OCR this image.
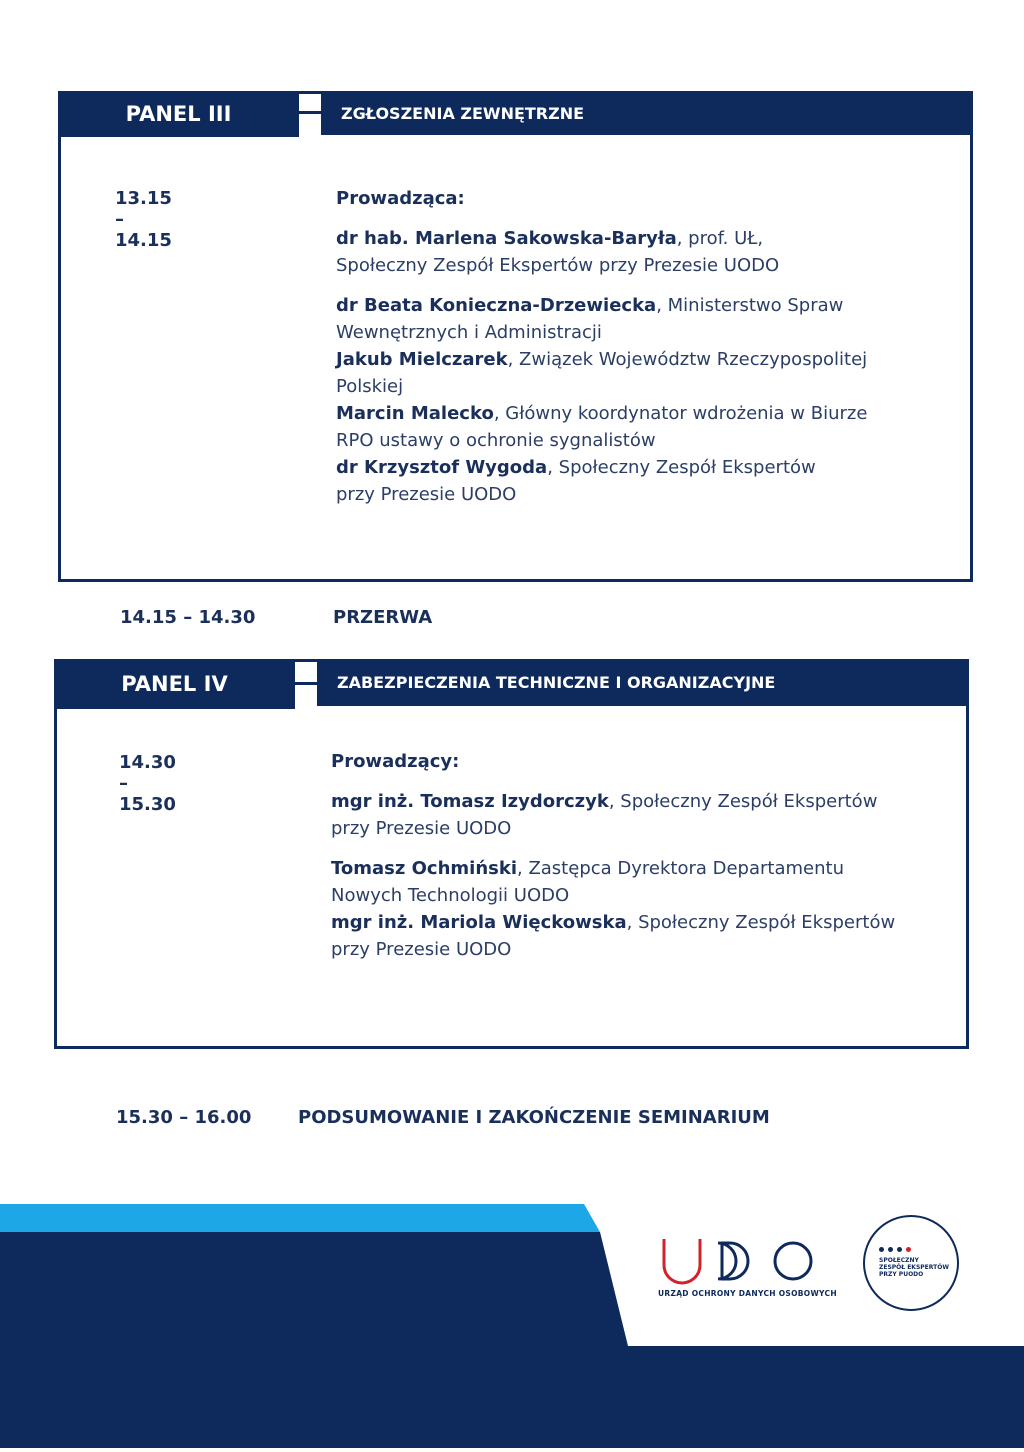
PANEL III	ZGŁOSZENIA ZEWNĘTRZNE
13.15 – 14.15
Prowadząca:
dr hab. Marlena Sakowska-Baryła, prof. UŁ,
Społeczny Zespół Ekspertów przy Prezesie UODO
dr Beata Konieczna-Drzewiecka, Ministerstwo Spraw
Wewnętrznych i Administracji
Jakub Mielczarek, Związek Województw Rzeczypospolitej
Polskiej
Marcin Malecko, Główny koordynator wdrożenia w Biurze
RPO ustawy o ochronie sygnalistów
dr Krzysztof Wygoda, Społeczny Zespół Ekspertów
przy Prezesie UODO
14.15 – 14.30	PRZERWA
PANEL IV	ZABEZPIECZENIA TECHNICZNE I ORGANIZACYJNE
14.30 – 15.30
Prowadzący:
mgr inż. Tomasz Izydorczyk, Społeczny Zespół Ekspertów
przy Prezesie UODO
Tomasz Ochmiński, Zastępca Dyrektora Departamentu
Nowych Technologii UODO
mgr inż. Mariola Więckowska, Społeczny Zespół Ekspertów
przy Prezesie UODO
15.30 – 16.00	PODSUMOWANIE I ZAKOŃCZENIE SEMINARIUM
URZĄD OCHRONY DANYCH OSOBOWYCH
SPOŁECZNY
ZESPÓŁ EKSPERTÓW
PRZY PUODO
